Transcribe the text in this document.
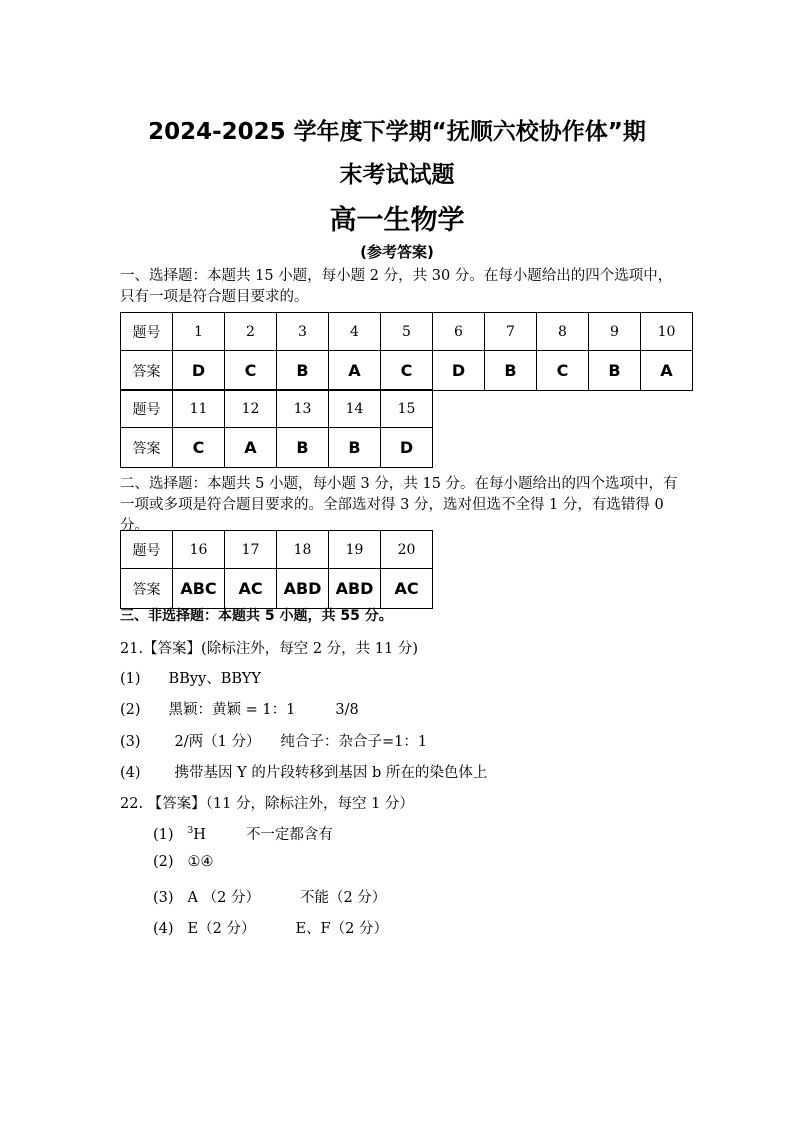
2024-2025 学年度下学期“抚顺六校协作体”期
末考试试题
高一生物学
(参考答案)
一、选择题：本题共 15 小题，每小题 2 分，共 30 分。在每小题给出的四个选项中，只有一项是符合题目要求的。
题号	1	2	3	4	5	6	7	8	9	10
答案	D	C	B	A	C	D	B	C	B	A
题号	11	12	13	14	15
答案	C	A	B	B	D
二、选择题：本题共 5 小题，每小题 3 分，共 15 分。在每小题给出的四个选项中，有一项或多项是符合题目要求的。全部选对得 3 分，选对但选不全得 1 分，有选错得 0 分。
题号	16	17	18	19	20
答案	ABC	AC	ABD	ABD	AC
三、非选择题：本题共 5 小题，共 55 分。
21.【答案】(除标注外，每空 2 分，共 11 分)
(1) BByy、BBYY
(2) 黑颖：黄颖 = 1：1	3/8
(3) 2/两（1 分） 纯合子：杂合子=1：1
(4) 携带基因 Y 的片段转移到基因 b 所在的染色体上
22. 【答案】（11 分，除标注外，每空 1 分）
(1) $^3$H	不一定都含有
(2) ①④
(3) A （2 分）	不能（2 分）
(4) E（2 分）	E、F（2 分）
